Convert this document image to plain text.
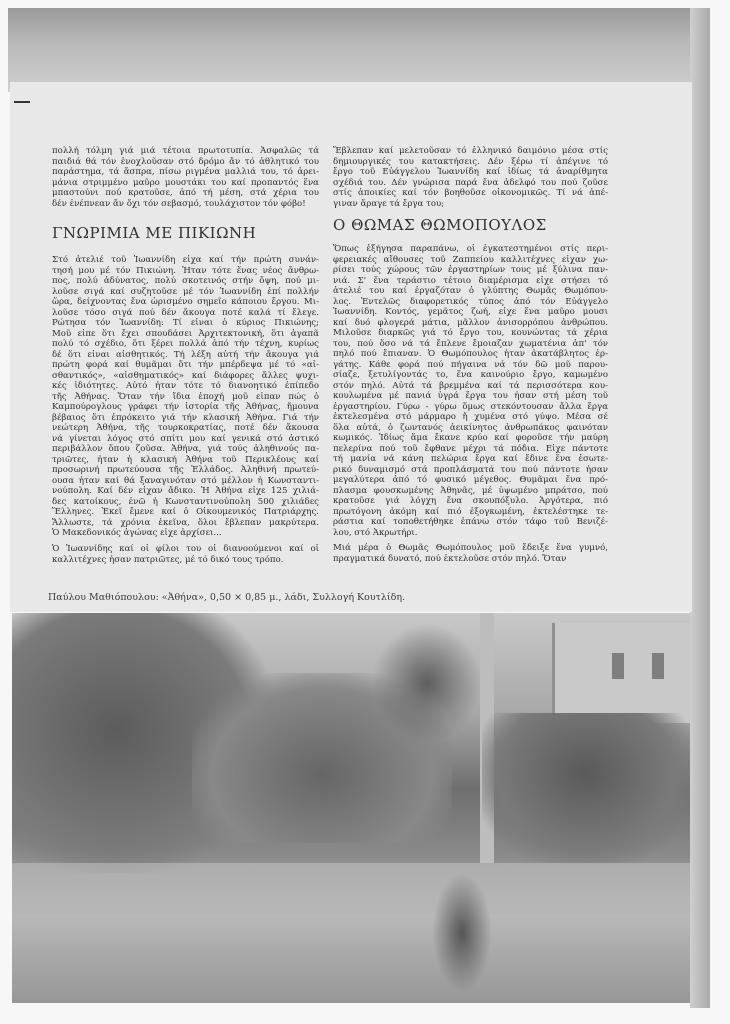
πολλή τόλμη γιά μιά τέτοια πρωτοτυπία. Ἀσφαλῶς τά
παιδιά θά τόν ἐνοχλοῦσαν στό δρόμο ἄν τό ἀθλητικό του
παράστημα, τά ἄσπρα, πίσω ριγμένα μαλλιά του, τό ἀρει-
μάνια στριμμένο μαῦρο μουστάκι του καί προπαντός ἕνα
μπαστούνι πού κρατοῦσε, ἀπό τή μέση, στά χέρια του
δέν ἐνέπνεαν ἄν ὄχι τόν σεβασμό, τουλάχιστον τόν φόβο!
ΓΝΩΡΙΜΙΑ ΜΕ ΠΙΚΙΩΝΗ
Στό ἀτελιέ τοῦ Ἰωαννίδη εἶχα καί τήν πρώτη συνάν-
τησή μου μέ τόν Πικιώνη. Ἦταν τότε ἕνας νέος ἄνθρω-
πος, πολύ ἀδύνατος, πολύ σκοτεινός στήν ὄψη, πού μι-
λοῦσε σιγά καί συζητοῦσε μέ τόν Ἰωαννίδη ἐπί πολλήν
ὥρα, δείχνοντας ἕνα ὡρισμένο σημεῖο κάποιου ἔργου. Μι-
λοῦσε τόσο σιγά πού δέν ἄκουγα ποτέ καλά τί ἔλεγε.
Ρώτησα τόν Ἰωαννίδη: Τί εἶναι ὁ κύριος Πικιώνης;
Μοῦ εἶπε ὅτι ἔχει σπουδάσει Ἀρχιτεκτονική, ὅτι ἀγαπᾶ
πολύ τό σχέδιο, ὅτι ξέρει πολλά ἀπό τήν τέχνη, κυρίως
δέ ὅτι εἶναι αἰσθητικός. Τή λέξη αὐτή τήν ἄκουγα γιά
πρώτη φορά καί θυμᾶμαι ὅτι τήν μπέρδεψα μέ τό «αἰ-
σθαντικός», «αἰσθηματικός» καί διάφορες ἄλλες ψυχι-
κές ἰδιότητες. Αὐτό ἦταν τότε τό διανοητικό ἐπίπεδο
τῆς Ἀθήνας. Ὅταν τήν ἴδια ἐποχή μοῦ εἶπαν πώς ὁ
Καμπούρογλους γράφει τήν ἱστορία τῆς Ἀθήνας, ἤμουνα
βέβαιος ὅτι ἐπρόκειτο γιά τήν κλασική Ἀθήνα. Γιά τήν
νεώτερη Ἀθήνα, τῆς τουρκοκρατίας, ποτέ δέν ἄκουσα
νά γίνεται λόγος στό σπίτι μου καί γενικά στό ἀστικό
περιβάλλον ὅπου ζοῦσα. Ἀθήνα, γιά τούς ἀληθινούς πα-
τριῶτες, ἦταν ἡ κλασική Ἀθήνα τοῦ Περικλέους καί
προσωρινή πρωτεύουσα τῆς Ἑλλάδος. Ἀληθινή πρωτεύ-
ουσα ἦταν καί θά ξαναγινόταν στό μέλλον ἡ Κωνσταντι-
νούπολη. Καί δέν εἶχαν ἄδικο. Ἡ Ἀθήνα εἶχε 125 χιλιά-
δες κατοίκους, ἐνῶ ἡ Κωνσταντινούπολη 500 χιλιάδες
Ἕλληνες. Ἐκεῖ ἔμενε καί ὁ Οἰκουμενικός Πατριάρχης.
Ἄλλωστε, τά χρόνια ἐκεῖνα, ὅλοι ἔβλεπαν μακρύτερα.
Ὁ Μακεδονικός ἀγώνας εἶχε ἀρχίσει...
Ὁ Ἰωαννίδης καί οἱ φίλοι του οἱ διανοούμενοι καί οἱ
καλλιτέχνες ἦσαν πατριῶτες, μέ τό δικό τους τρόπο.
Ἔβλεπαν καί μελετοῦσαν τό ἑλληνικό δαιμόνιο μέσα στίς
δημιουργικές του κατακτήσεις. Δέν ξέρω τί ἀπέγινε τό
ἔργο τοῦ Εὐάγγελου Ἰωαννίδη καί ἰδίως τά ἀναρίθμητα
σχέδιά του. Δέν γνώρισα παρά ἕνα ἀδελφό του πού ζοῦσε
στίς ἀποικίες καί τόν βοηθοῦσε οἰκονομικῶς. Τί νά ἀπέ-
γιναν ἄραγε τά ἔργα του;
Ο ΘΩΜΑΣ ΘΩΜΟΠΟΥΛΟΣ
Ὅπως ἐξήγησα παραπάνω, οἱ ἐγκατεστημένοι στίς περι-
φερειακές αἴθουσες τοῦ Ζαππείου καλλιτέχνες εἶχαν χω-
ρίσει τούς χώρους τῶν ἐργαστηρίων τους μέ ξύλινα παν-
νιά. Σ' ἕνα τεράστιο τέτοιο διαμέρισμα εἶχε στήσει τό
ἀτελιέ του καί ἐργαζόταν ὁ γλύπτης Θωμᾶς Θωμόπου-
λος. Ἐντελῶς διαφορετικός τύπος ἀπό τόν Εὐάγγελο
Ἰωαννίδη. Κοντός, γεμᾶτος ζωή, εἶχε ἕνα μαῦρο μουσι
καί δυό φλογερά μάτια, μᾶλλον ἀνισορρόπου ἀνθρώπου.
Μιλοῦσε διαρκῶς γιά τό ἔργο του, κουνώντας τά χέρια
του, πού ὅσο νά τά ἔπλενε ἔμοιαζαν χωματένια ἀπ' τόν
πηλό πού ἔπιαναν. Ὁ Θωμόπουλος ἦταν ἀκατάβλητος ἐρ-
γάτης. Κάθε φορά πού πήγαινα νά τόν δῶ μοῦ παρου-
σίαζε, ξετυλίγοντάς το, ἕνα καινούριο ἔργο, καμωμένο
στόν πηλό. Αὐτά τά βρεμμένα καί τά περισσότερα κου-
κουλωμένα μέ πανιά ὑγρά ἔργα του ἦσαν στή μέση τοῦ
ἐργαστηρίου. Γύρω - γύρω ὅμως στεκόντουσαν ἄλλα ἔργα
ἐκτελεσμένα στό μάρμαρο ἤ χυμένα στό γύψο. Μέσα σέ
ὅλα αὐτά, ὁ ζωντανός ἀεικίνητος ἀνθρωπάκος φαινόταν
κωμικός. Ἰδίως ἅμα ἔκανε κρύο καί φοροῦσε τήν μαύρη
πελερίνα πού τοῦ ἔφθανε μέχρι τά πόδια. Εἶχε πάντοτε
τή μανία νά κάνη πελώρια ἔργα καί ἔδινε ἕνα ἐσωτε-
ρικό δυναμισμό στά προπλάσματά του πού πάντοτε ἦσαν
μεγαλύτερα ἀπό τό φυσικό μέγεθος. Θυμᾶμαι ἕνα πρό-
πλασμα φουσκωμένης Ἀθηνᾶς, μέ ὑψωμένο μπράτσο, πού
κρατοῦσε γιά λόγχη ἕνα σκουπόξυλο. Ἀργότερα, πιό
πρωτόγονη ἀκόμη καί πιό ἐξογκωμένη, ἐκτελέστηκε τε-
ράστια καί τοποθετήθηκε ἐπάνω στόν τάφο τοῦ Βενιζέ-
λου, στό Ἀκρωτήρι.
Μιά μέρα ὁ Θωμᾶς Θωμόπουλος μοῦ ἔδειξε ἕνα γυμνό,
πραγματικά δυνατό, πού ἐκτελοῦσε στόν πηλό. Ὅταν
Παύλου Μαθιόπουλου: «Ἀθήνα», 0,50 × 0,85 μ., λάδι, Συλλογή Κουτλίδη.
